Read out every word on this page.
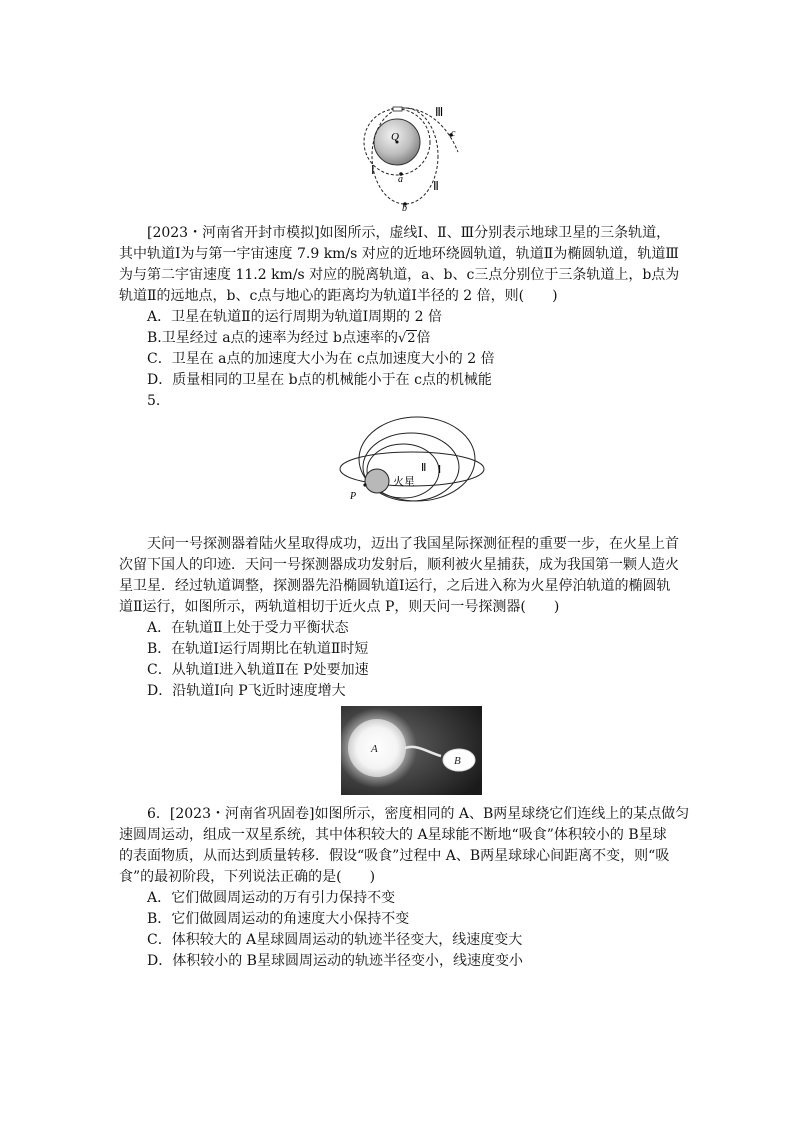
Q
Ⅲ
c
Ⅰ
a	Ⅱ
b
[2023・河南省开封市模拟]如图所示，虚线Ⅰ、Ⅱ、Ⅲ分别表示地球卫星的三条轨道，
其中轨道Ⅰ为与第一宇宙速度 7.9 km/s 对应的近地环绕圆轨道，轨道Ⅱ为椭圆轨道，轨道Ⅲ
为与第二宇宙速度 11.2 km/s 对应的脱离轨道，a、b、c三点分别位于三条轨道上，b点为
轨道Ⅱ的远地点，b、c点与地心的距离均为轨道Ⅰ半径的 2 倍，则(　　)
A．卫星在轨道Ⅱ的运行周期为轨道Ⅰ周期的 2 倍
B.卫星经过 a点的速率为经过 b点速率的√2倍
C．卫星在 a点的加速度大小为在 c点加速度大小的 2 倍
D．质量相同的卫星在 b点的机械能小于在 c点的机械能
5.
火星
P
Ⅱ Ⅰ
天问一号探测器着陆火星取得成功，迈出了我国星际探测征程的重要一步，在火星上首
次留下国人的印迹．天问一号探测器成功发射后，顺利被火星捕获，成为我国第一颗人造火
星卫星．经过轨道调整，探测器先沿椭圆轨道Ⅰ运行，之后进入称为火星停泊轨道的椭圆轨
道Ⅱ运行，如图所示，两轨道相切于近火点 P，则天问一号探测器(　　)
A．在轨道Ⅱ上处于受力平衡状态
B．在轨道Ⅰ运行周期比在轨道Ⅱ时短
C．从轨道Ⅰ进入轨道Ⅱ在 P处要加速
D．沿轨道Ⅰ向 P飞近时速度增大
A
B
6．[2023・河南省巩固卷]如图所示，密度相同的 A、B两星球绕它们连线上的某点做匀
速圆周运动，组成一双星系统，其中体积较大的 A星球能不断地“吸食”体积较小的 B星球
的表面物质，从而达到质量转移．假设“吸食”过程中 A、B两星球球心间距离不变，则“吸
食”的最初阶段，下列说法正确的是(　　)
A．它们做圆周运动的万有引力保持不变
B．它们做圆周运动的角速度大小保持不变
C．体积较大的 A星球圆周运动的轨迹半径变大，线速度变大
D．体积较小的 B星球圆周运动的轨迹半径变小，线速度变小
